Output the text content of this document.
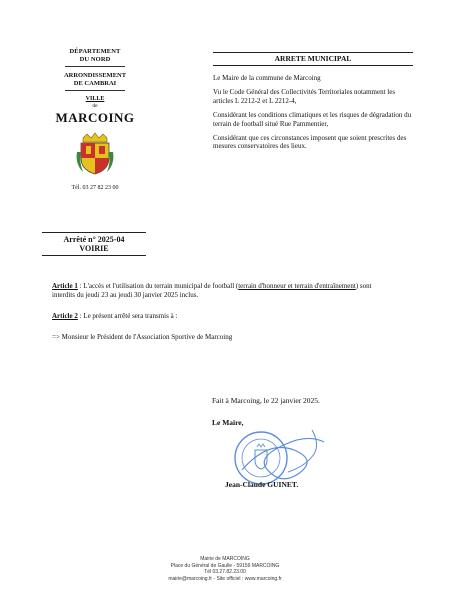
DÉPARTEMENT
DU NORD
ARRONDISSEMENT
DE CAMBRAI
VILLE
de
MARCOING
Tél. 03 27 82 23 00
Arrêté n° 2025-04
VOIRIE
ARRETE MUNICIPAL
Le Maire de la commune de Marcoing
Vu le Code Général des Collectivités Territoriales notamment les articles L 2212-2 et L 2212-4,
Considérant les conditions climatiques et les risques de dégradation du terrain de football situé Rue Pammentier,
Considérant que ces circonstances imposent que soient prescrites des mesures conservatoires des lieux.
Article 1 : L'accès et l'utilisation du terrain municipal de football (terrain d'honneur et terrain d'entraînement) sont interdits du jeudi 23 au jeudi 30 janvier 2025 inclus.
Article 2 : Le présent arrêté sera transmis à :
=> Monsieur le Président de l'Association Sportive de Marcoing
Fait à Marcoing, le 22 janvier 2025.
Le Maire,
Jean-Claude GUINET.
Mairie de MARCOING
Place du Général de Gaulle - 59159 MARCOING
Tél 03.27.82.23.00
mairie@marcoing.fr - Site officiel : www.marcoing.fr
